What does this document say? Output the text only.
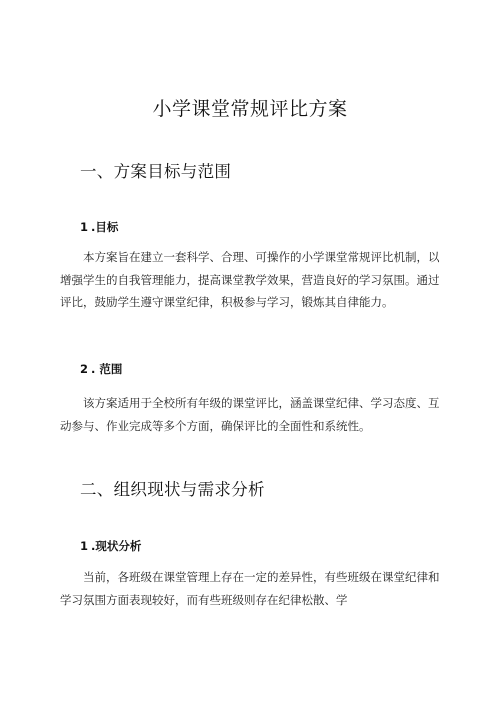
小学课堂常规评比方案
一、方案目标与范围
1 .目标
本方案旨在建立一套科学、合理、可操作的小学课堂常规评比机制，以
增强学生的自我管理能力，提高课堂教学效果，营造良好的学习氛围。通过
评比，鼓励学生遵守课堂纪律，积极参与学习，锻炼其自律能力。
2 . 范围
该方案适用于全校所有年级的课堂评比，涵盖课堂纪律、学习态度、互
动参与、作业完成等多个方面，确保评比的全面性和系统性。
二、组织现状与需求分析
1 .现状分析
当前，各班级在课堂管理上存在一定的差异性，有些班级在课堂纪律和
学习氛围方面表现较好，而有些班级则存在纪律松散、学
